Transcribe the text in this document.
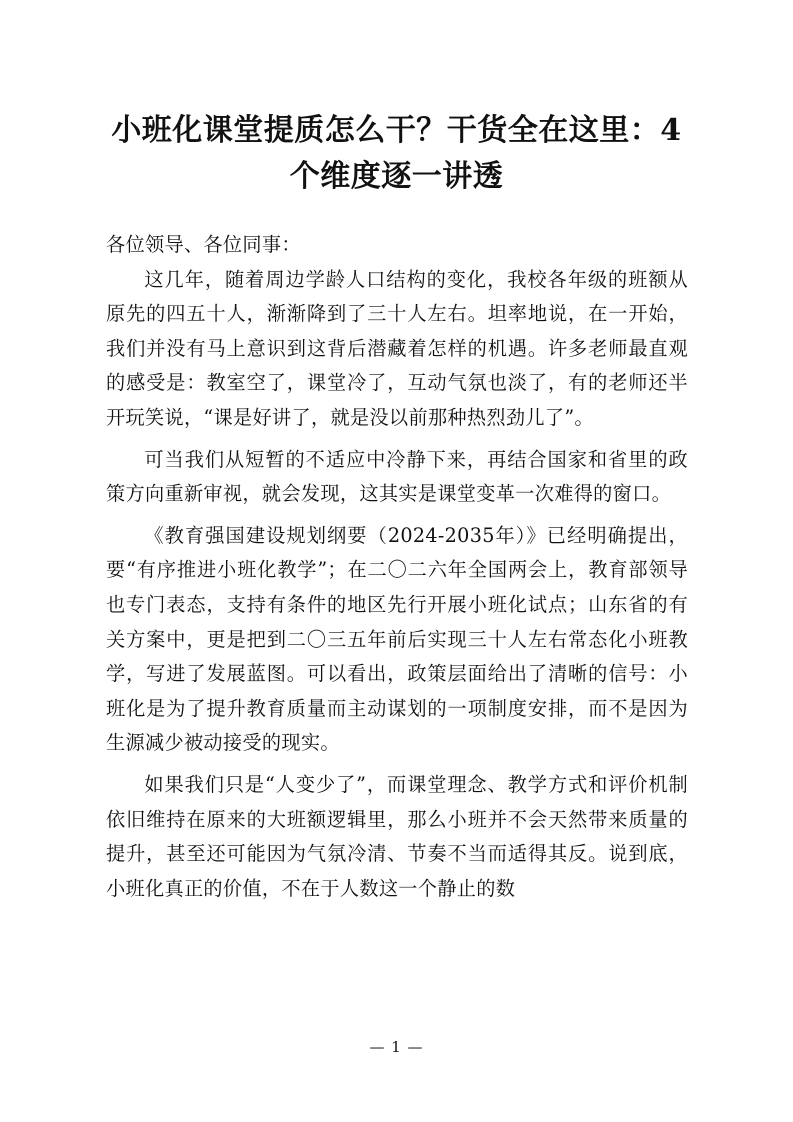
小班化课堂提质怎么干？干货全在这里：4个维度逐一讲透

各位领导、各位同事：

这几年，随着周边学龄人口结构的变化，我校各年级的班额从原先的四五十人，渐渐降到了三十人左右。坦率地说，在一开始，我们并没有马上意识到这背后潜藏着怎样的机遇。许多老师最直观的感受是：教室空了，课堂冷了，互动气氛也淡了，有的老师还半开玩笑说，“课是好讲了，就是没以前那种热烈劲儿了”。

可当我们从短暂的不适应中冷静下来，再结合国家和省里的政策方向重新审视，就会发现，这其实是课堂变革一次难得的窗口。

《教育强国建设规划纲要（2024-2035年）》已经明确提出，要“有序推进小班化教学”；在二〇二六年全国两会上，教育部领导也专门表态，支持有条件的地区先行开展小班化试点；山东省的有关方案中，更是把到二〇三五年前后实现三十人左右常态化小班教学，写进了发展蓝图。可以看出，政策层面给出了清晰的信号：小班化是为了提升教育质量而主动谋划的一项制度安排，而不是因为生源减少被动接受的现实。

如果我们只是“人变少了”，而课堂理念、教学方式和评价机制依旧维持在原来的大班额逻辑里，那么小班并不会天然带来质量的提升，甚至还可能因为气氛冷清、节奏不当而适得其反。说到底，小班化真正的价值，不在于人数这一个静止的数

— 1 —
